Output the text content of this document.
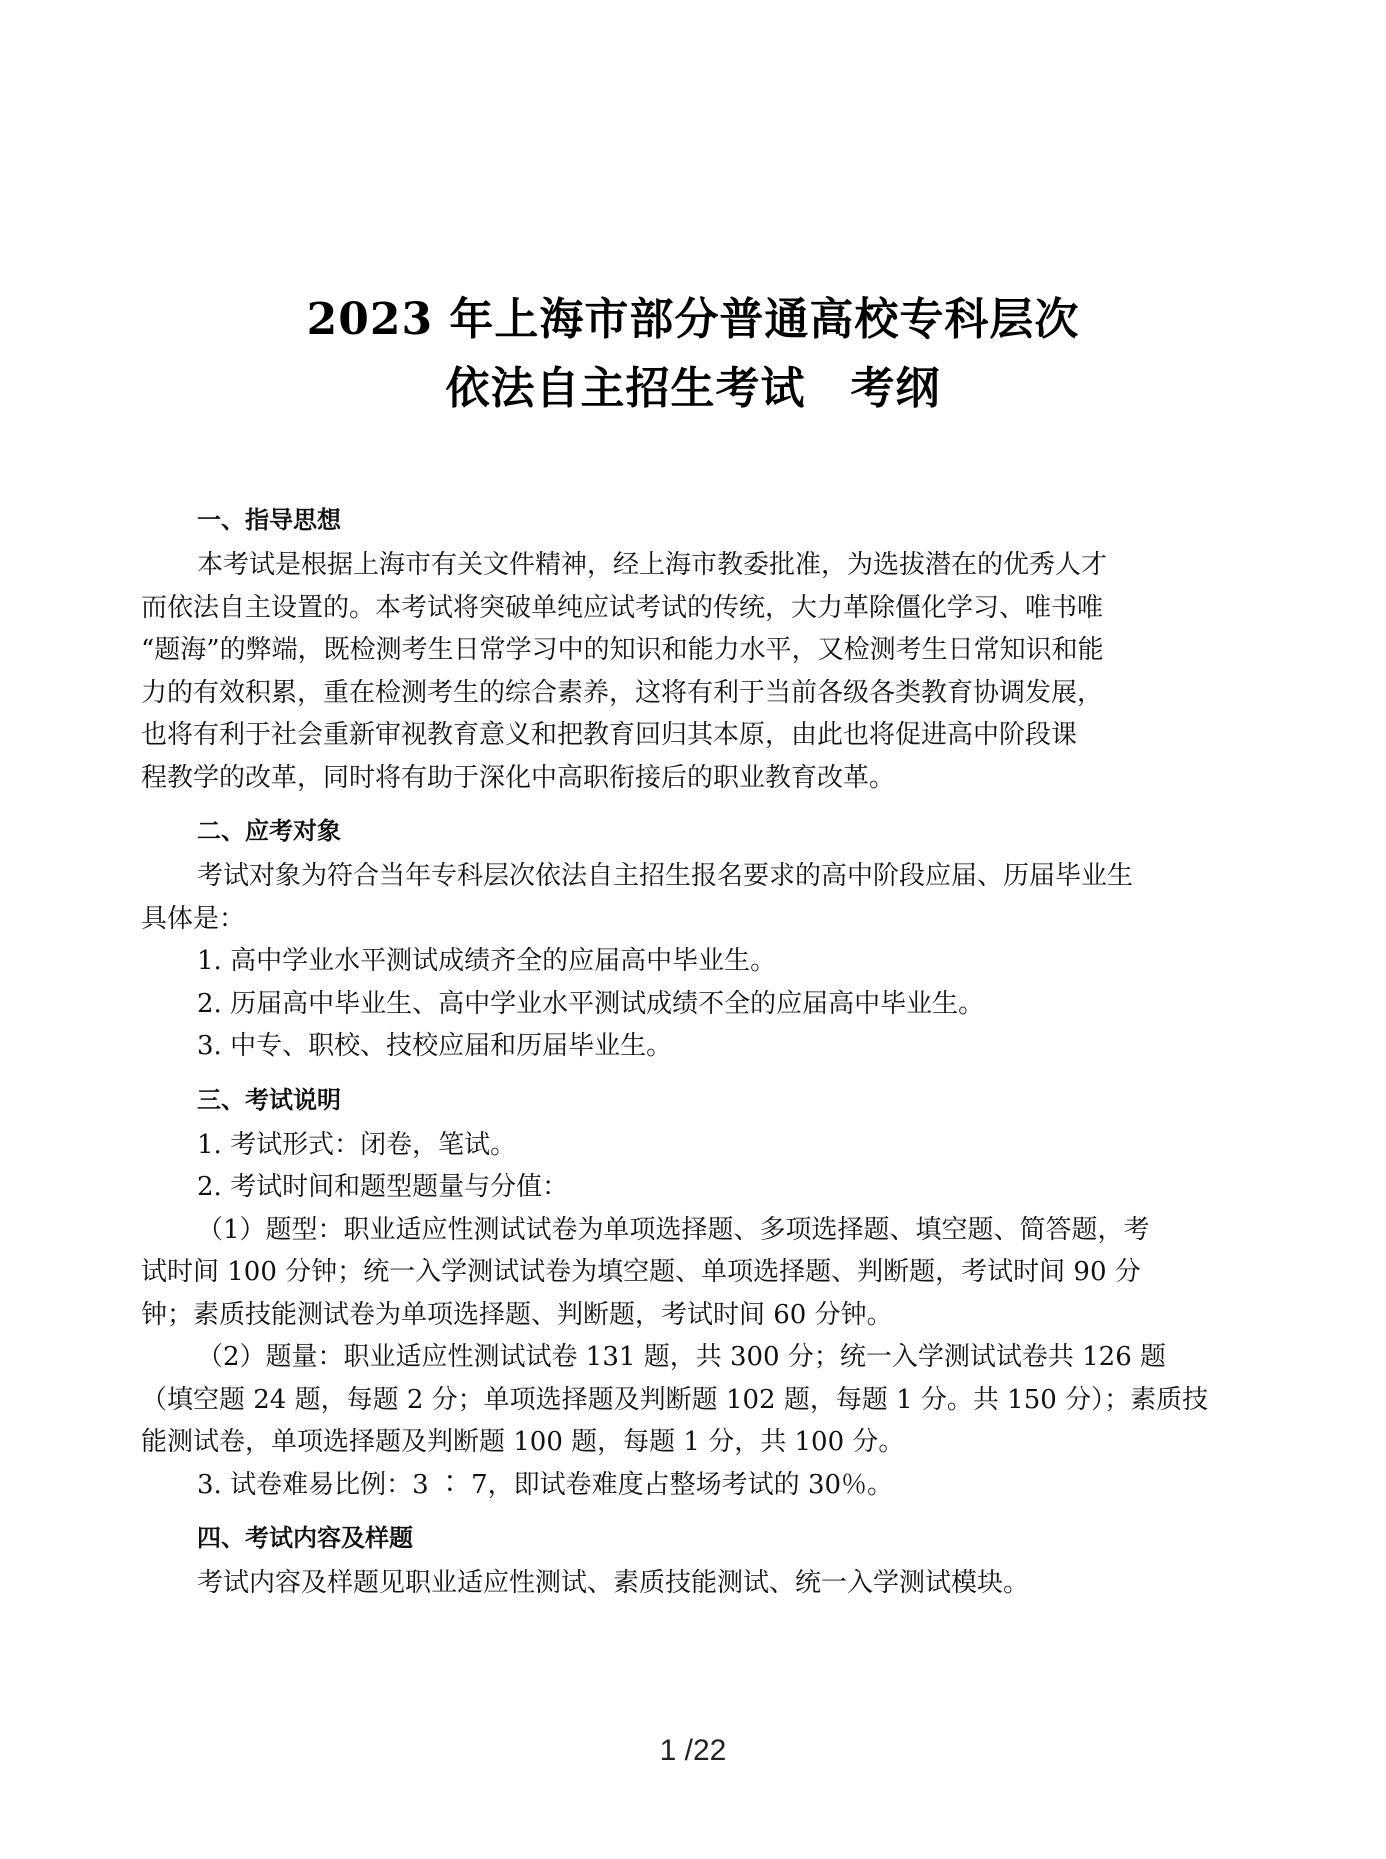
2023 年上海市部分普通高校专科层次
依法自主招生考试　考纲
一、指导思想
本考试是根据上海市有关文件精神，经上海市教委批准，为选拔潜在的优秀人才
而依法自主设置的。本考试将突破单纯应试考试的传统，大力革除僵化学习、唯书唯
“题海”的弊端，既检测考生日常学习中的知识和能力水平，又检测考生日常知识和能
力的有效积累，重在检测考生的综合素养，这将有利于当前各级各类教育协调发展，
也将有利于社会重新审视教育意义和把教育回归其本原，由此也将促进高中阶段课
程教学的改革，同时将有助于深化中高职衔接后的职业教育改革。
二、应考对象
考试对象为符合当年专科层次依法自主招生报名要求的高中阶段应届、历届毕业生
具体是：
1. 高中学业水平测试成绩齐全的应届高中毕业生。
2. 历届高中毕业生、高中学业水平测试成绩不全的应届高中毕业生。
3. 中专、职校、技校应届和历届毕业生。
三、考试说明
1. 考试形式：闭卷，笔试。
2. 考试时间和题型题量与分值：
（1）题型：职业适应性测试试卷为单项选择题、多项选择题、填空题、简答题，考
试时间 100 分钟；统一入学测试试卷为填空题、单项选择题、判断题，考试时间 90 分
钟；素质技能测试卷为单项选择题、判断题，考试时间 60 分钟。
（2）题量：职业适应性测试试卷 131 题，共 300 分；统一入学测试试卷共 126 题
（填空题 24 题，每题 2 分；单项选择题及判断题 102 题，每题 1 分。共 150 分）；素质技
能测试卷，单项选择题及判断题 100 题，每题 1 分，共 100 分。
3. 试卷难易比例：3 ∶ 7，即试卷难度占整场考试的 30％。
四、考试内容及样题
考试内容及样题见职业适应性测试、素质技能测试、统一入学测试模块。
1 /22
